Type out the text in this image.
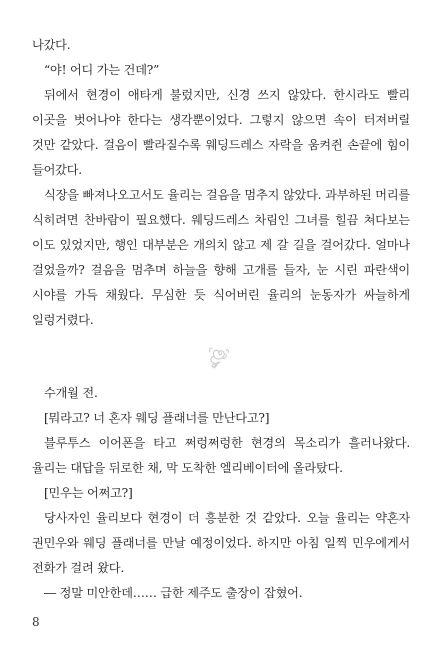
나갔다.

“야! 어디 가는 건데?”

뒤에서 현경이 애타게 불렀지만, 신경 쓰지 않았다. 한시라도 빨리 이곳을 벗어나야 한다는 생각뿐이었다. 그렇지 않으면 속이 터져버릴 것만 같았다. 걸음이 빨라질수록 웨딩드레스 자락을 움켜쥔 손끝에 힘이 들어갔다.

식장을 빠져나오고서도 율리는 걸음을 멈추지 않았다. 과부하된 머리를 식히려면 찬바람이 필요했다. 웨딩드레스 차림인 그녀를 힐끔 쳐다보는 이도 있었지만, 행인 대부분은 개의치 않고 제 갈 길을 걸어갔다. 얼마나 걸었을까? 걸음을 멈추며 하늘을 향해 고개를 들자, 눈 시린 파란색이 시야를 가득 채웠다. 무심한 듯 식어버린 율리의 눈동자가 싸늘하게 일렁거렸다.

수개월 전.

[뭐라고? 너 혼자 웨딩 플래너를 만난다고?]

블루투스 이어폰을 타고 쩌렁쩌렁한 현경의 목소리가 흘러나왔다. 율리는 대답을 뒤로한 채, 막 도착한 엘리베이터에 올라탔다.

[민우는 어쩌고?]

당사자인 율리보다 현경이 더 흥분한 것 같았다. 오늘 율리는 약혼자 권민우와 웨딩 플래너를 만날 예정이었다. 하지만 아침 일찍 민우에게서 전화가 걸려 왔다.

― 정말 미안한데…… 급한 제주도 출장이 잡혔어.

8
